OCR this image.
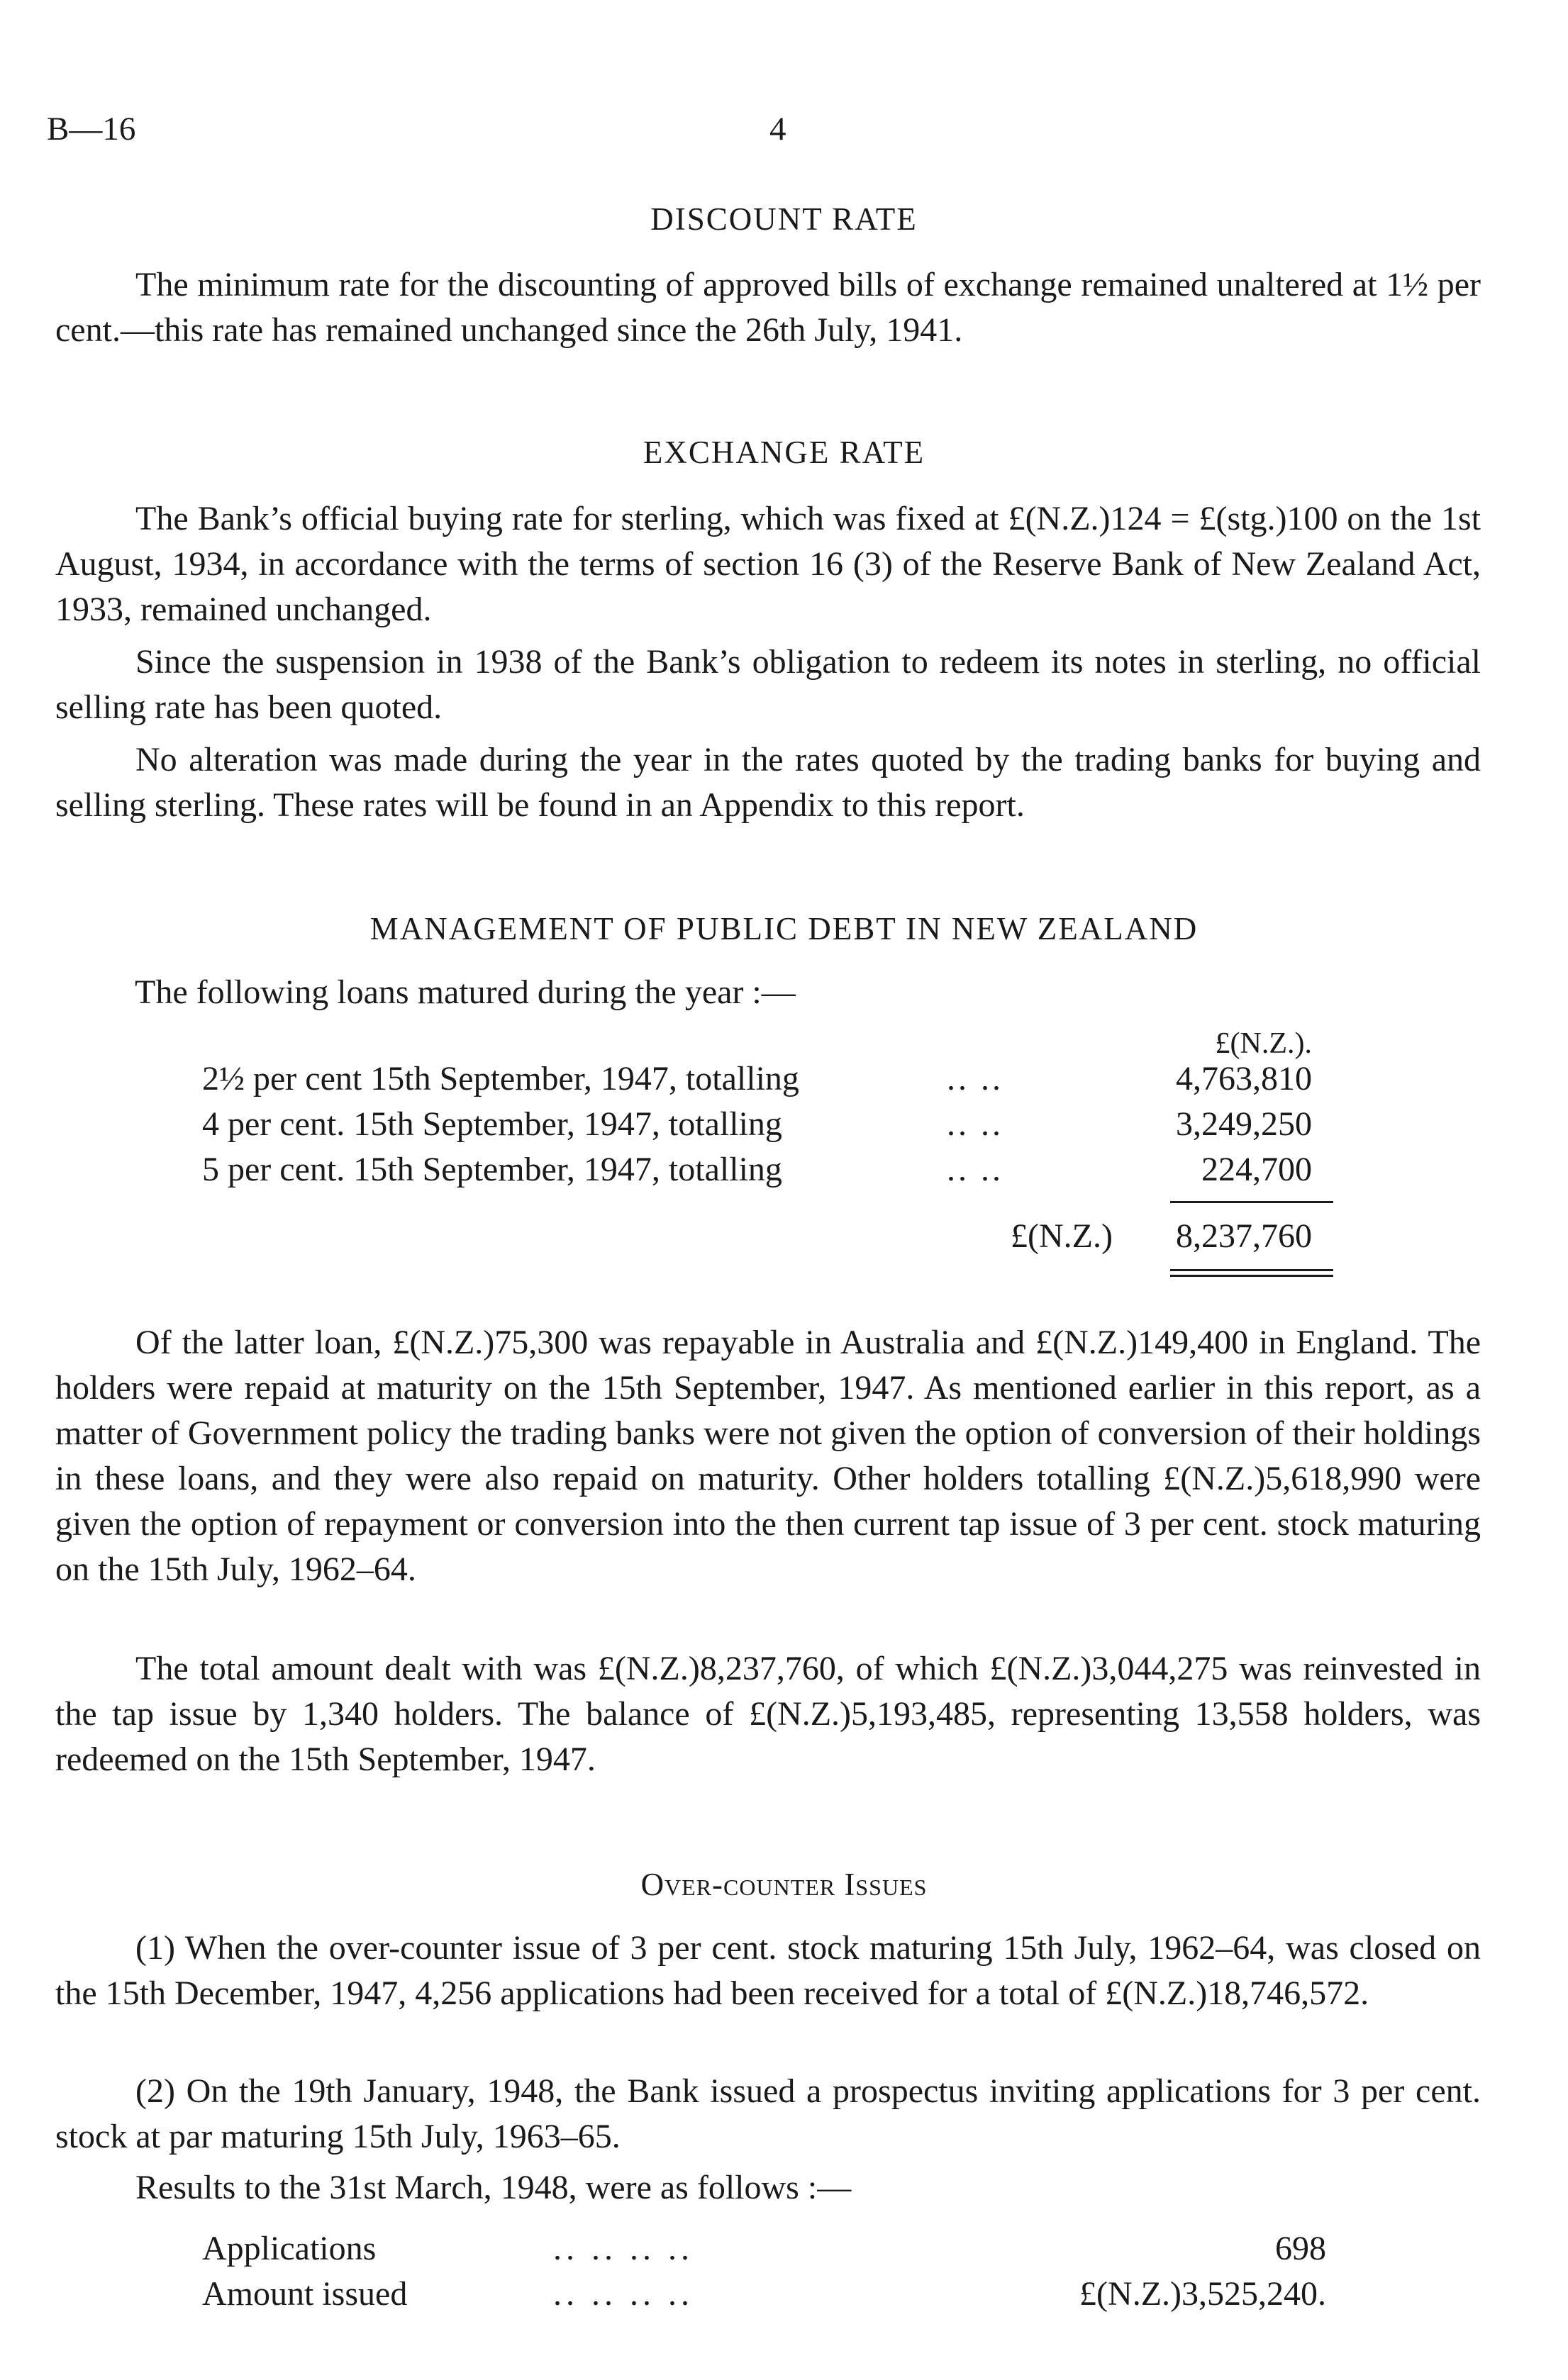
B—16	4
DISCOUNT RATE
The minimum rate for the discounting of approved bills of exchange remained unaltered at 1½ per cent.—this rate has remained unchanged since the 26th July, 1941.
EXCHANGE RATE
The Bank’s official buying rate for sterling, which was fixed at £(N.Z.)124 = £(stg.)100 on the 1st August, 1934, in accordance with the terms of section 16 (3) of the Reserve Bank of New Zealand Act, 1933, remained unchanged.
Since the suspension in 1938 of the Bank’s obligation to redeem its notes in sterling, no official selling rate has been quoted.
No alteration was made during the year in the rates quoted by the trading banks for buying and selling sterling. These rates will be found in an Appendix to this report.
MANAGEMENT OF PUBLIC DEBT IN NEW ZEALAND
The following loans matured during the year :—
£(N.Z.).
2½ per cent 15th September, 1947, totalling	.. ..	4,763,810
4 per cent. 15th September, 1947, totalling	.. ..	3,249,250
5 per cent. 15th September, 1947, totalling	.. ..	224,700
£(N.Z.)	8,237,760
Of the latter loan, £(N.Z.)75,300 was repayable in Australia and £(N.Z.)149,400 in England. The holders were repaid at maturity on the 15th September, 1947. As mentioned earlier in this report, as a matter of Government policy the trading banks were not given the option of conversion of their holdings in these loans, and they were also repaid on maturity. Other holders totalling £(N.Z.)5,618,990 were given the option of repayment or conversion into the then current tap issue of 3 per cent. stock maturing on the 15th July, 1962–64.
The total amount dealt with was £(N.Z.)8,237,760, of which £(N.Z.)3,044,275 was reinvested in the tap issue by 1,340 holders. The balance of £(N.Z.)5,193,485, representing 13,558 holders, was redeemed on the 15th September, 1947.
Over-counter Issues
(1) When the over-counter issue of 3 per cent. stock maturing 15th July, 1962–64, was closed on the 15th December, 1947, 4,256 applications had been received for a total of £(N.Z.)18,746,572.
(2) On the 19th January, 1948, the Bank issued a prospectus inviting applications for 3 per cent. stock at par maturing 15th July, 1963–65.
Results to the 31st March, 1948, were as follows :—
Applications	.. .. .. ..	698
Amount issued	.. .. .. ..	£(N.Z.)3,525,240.
